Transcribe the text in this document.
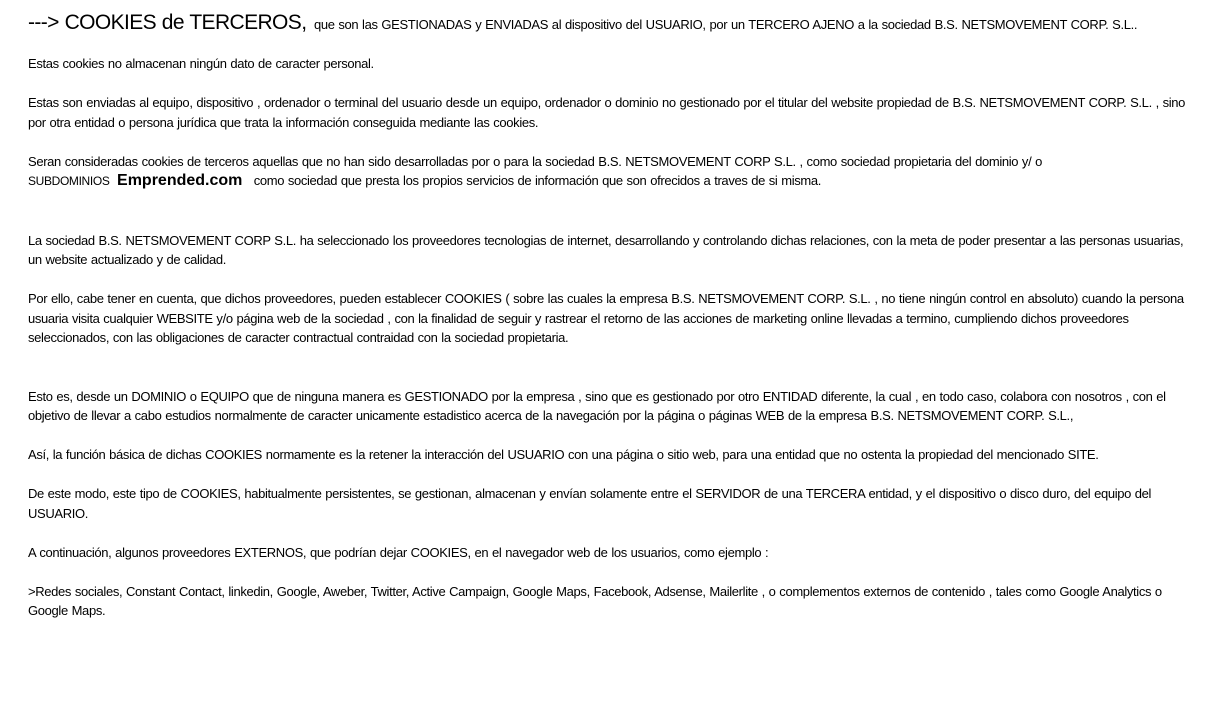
---> COOKIES de TERCEROS, que son las GESTIONADAS y ENVIADAS al dispositivo del USUARIO, por un TERCERO AJENO a la sociedad B.S. NETSMOVEMENT CORP. S.L..

Estas cookies no almacenan ningún dato de caracter personal.

Estas son enviadas al equipo, dispositivo , ordenador o terminal del usuario desde un equipo, ordenador o dominio no gestionado por el titular del website propiedad de B.S. NETSMOVEMENT CORP. S.L. , sino por otra entidad o persona jurídica que trata la información conseguida mediante las cookies.

Seran consideradas cookies de terceros aquellas que no han sido desarrolladas por o para la sociedad B.S. NETSMOVEMENT CORP S.L. , como sociedad propietaria del dominio y/ o SUBDOMINIOS Emprended.com como sociedad que presta los propios servicios de información que son ofrecidos a traves de si misma.

La sociedad B.S. NETSMOVEMENT CORP S.L. ha seleccionado los proveedores tecnologias de internet, desarrollando y controlando dichas relaciones, con la meta de poder presentar a las personas usuarias, un website actualizado y de calidad.

Por ello, cabe tener en cuenta, que dichos proveedores, pueden establecer COOKIES ( sobre las cuales la empresa B.S. NETSMOVEMENT CORP. S.L. , no tiene ningún control en absoluto) cuando la persona usuaria visita cualquier WEBSITE y/o página web de la sociedad , con la finalidad de seguir y rastrear el retorno de las acciones de marketing online llevadas a termino, cumpliendo dichos proveedores seleccionados, con las obligaciones de caracter contractual contraidad con la sociedad propietaria.

Esto es, desde un DOMINIO o EQUIPO que de ninguna manera es GESTIONADO por la empresa , sino que es gestionado por otro ENTIDAD diferente, la cual , en todo caso, colabora con nosotros , con el objetivo de llevar a cabo estudios normalmente de caracter unicamente estadistico acerca de la navegación por la página o páginas WEB de la empresa B.S. NETSMOVEMENT CORP. S.L.,

Así, la función básica de dichas COOKIES normamente es la retener la interacción del USUARIO con una página o sitio web, para una entidad que no ostenta la propiedad del mencionado SITE.

De este modo, este tipo de COOKIES, habitualmente persistentes, se gestionan, almacenan y envían solamente entre el SERVIDOR de una TERCERA entidad, y el dispositivo o disco duro, del equipo del USUARIO.

A continuación, algunos proveedores EXTERNOS, que podrían dejar COOKIES, en el navegador web de los usuarios, como ejemplo :

>Redes sociales, Constant Contact, linkedin, Google, Aweber, Twitter, Active Campaign, Google Maps, Facebook, Adsense, Mailerlite , o complementos externos de contenido , tales como Google Analytics o Google Maps.
